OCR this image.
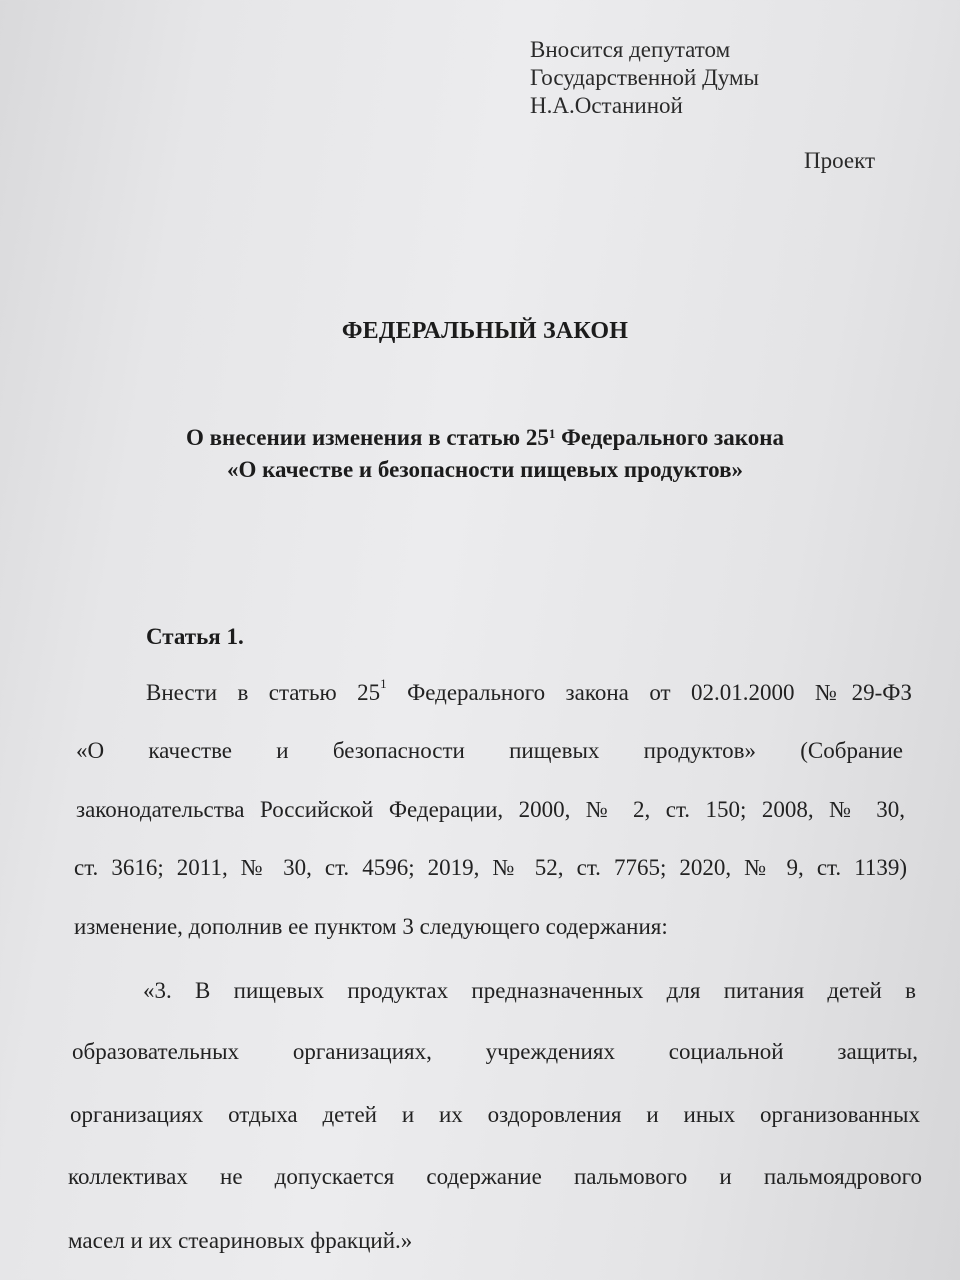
Вносится депутатом
Государственной Думы
Н.А.Останиной
Проект
ФЕДЕРАЛЬНЫЙ ЗАКОН
О внесении изменения в статью $25^1$ Федерального закона
«О качестве и безопасности пищевых продуктов»
Статья 1.
Внести в статью $25^1$ Федерального закона от 02.01.2000 №29-ФЗ
«О качестве и безопасности пищевых продуктов» (Собрание
законодательства Российской Федерации, 2000, № 2, ст. 150; 2008, № 30,
ст. 3616; 2011, № 30, ст. 4596; 2019, № 52, ст. 7765; 2020, № 9, ст. 1139)
изменение, дополнив ее пунктом 3 следующего содержания:
«3. В пищевых продуктах предназначенных для питания детей в
образовательных организациях, учреждениях социальной защиты,
организациях отдыха детей и их оздоровления и иных организованных
коллективах не допускается содержание пальмового и пальмоядрового
масел и их стеариновых фракций.»
